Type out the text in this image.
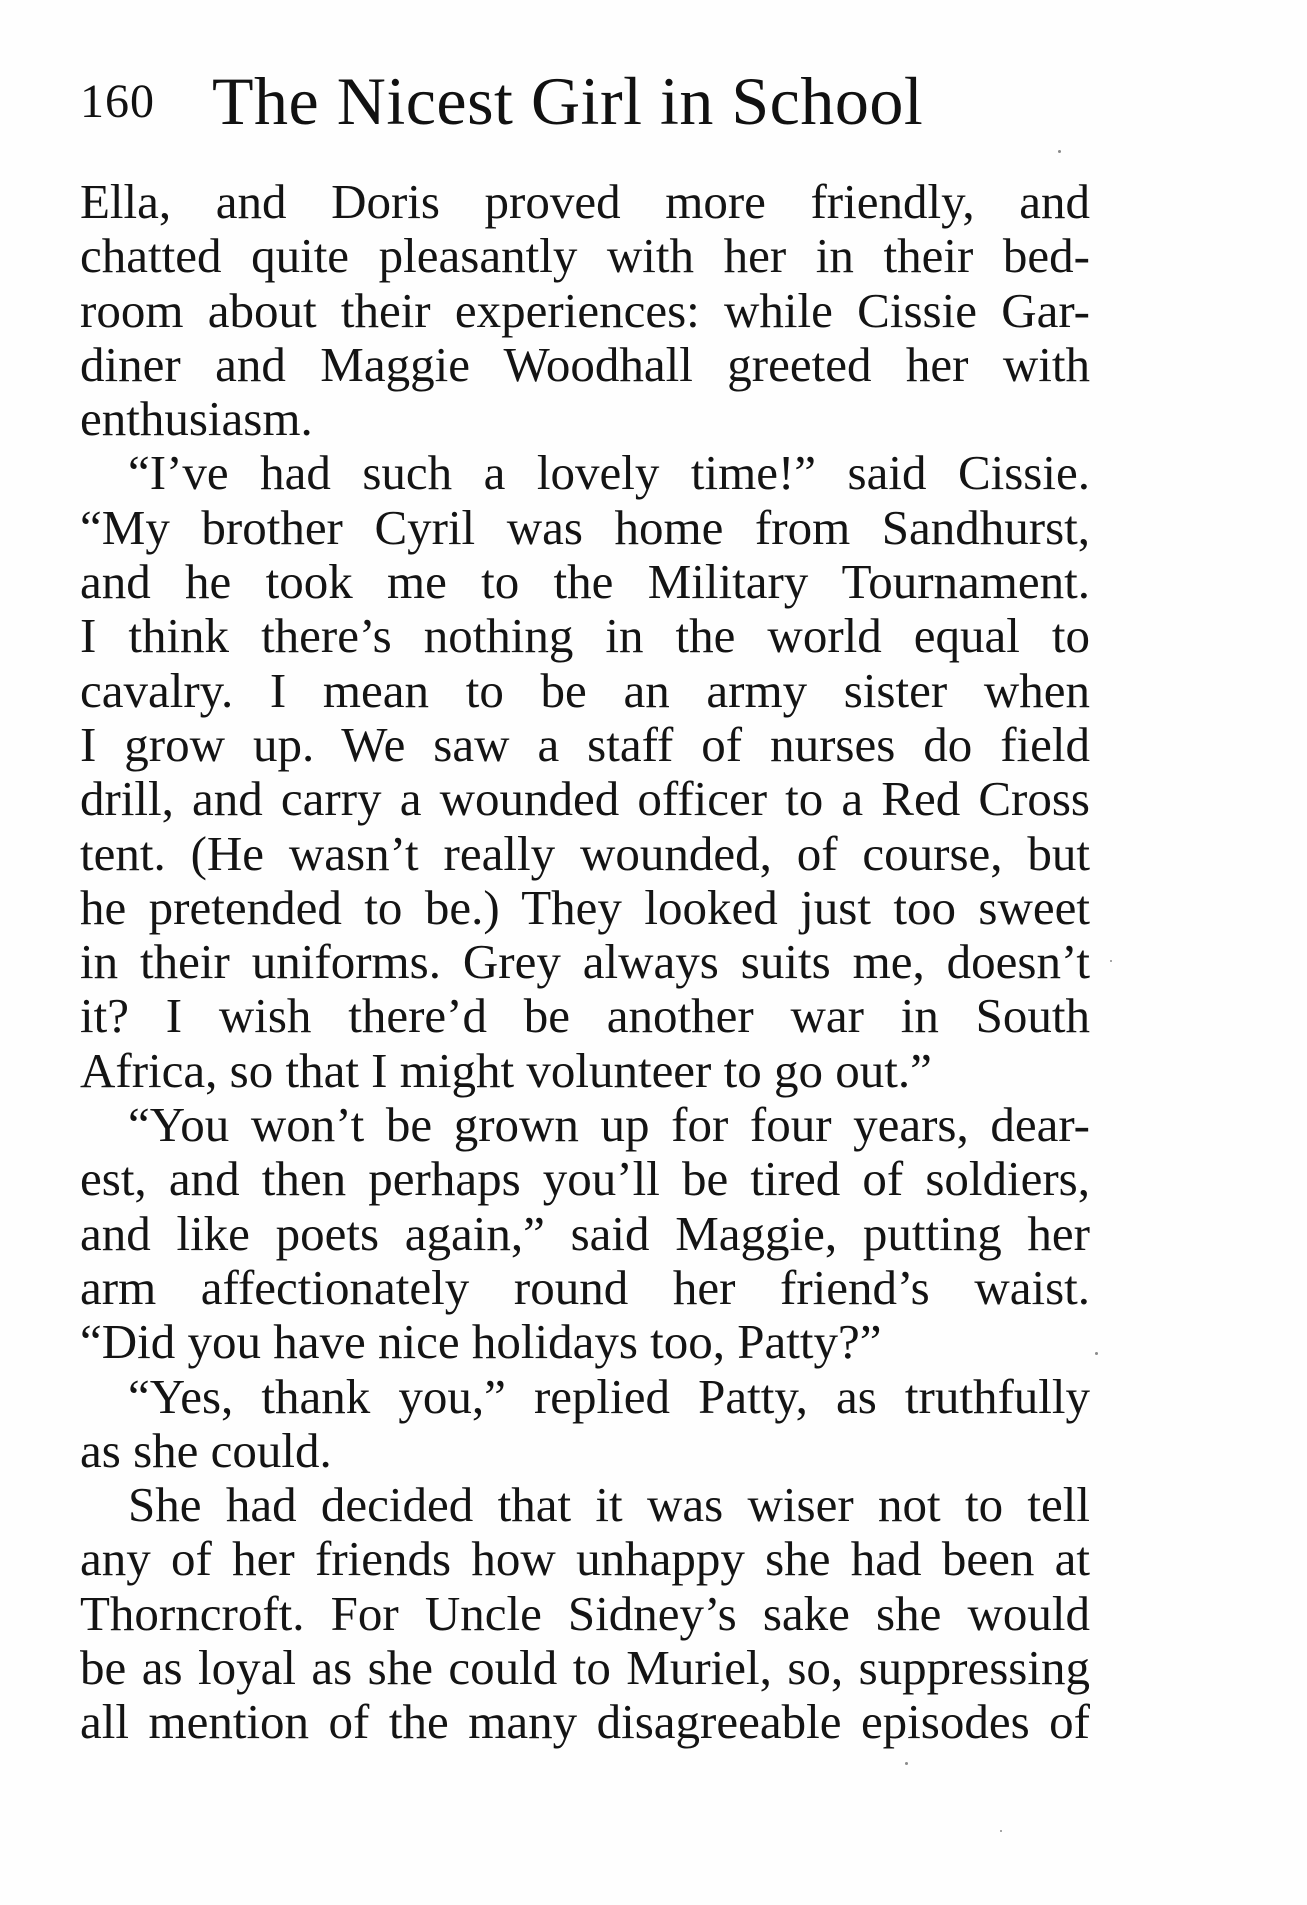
160 The Nicest Girl in School
Ella, and Doris proved more friendly, and
chatted quite pleasantly with her in their bed-
room about their experiences: while Cissie Gar-
diner and Maggie Woodhall greeted her with
enthusiasm.
“I’ve had such a lovely time!” said Cissie.
“My brother Cyril was home from Sandhurst,
and he took me to the Military Tournament.
I think there’s nothing in the world equal to
cavalry. I mean to be an army sister when
I grow up. We saw a staff of nurses do field
drill, and carry a wounded officer to a Red Cross
tent. (He wasn’t really wounded, of course, but
he pretended to be.) They looked just too sweet
in their uniforms. Grey always suits me, doesn’t
it? I wish there’d be another war in South
Africa, so that I might volunteer to go out.”
“You won’t be grown up for four years, dear-
est, and then perhaps you’ll be tired of soldiers,
and like poets again,” said Maggie, putting her
arm affectionately round her friend’s waist.
“Did you have nice holidays too, Patty?”
“Yes, thank you,” replied Patty, as truthfully
as she could.
She had decided that it was wiser not to tell
any of her friends how unhappy she had been at
Thorncroft. For Uncle Sidney’s sake she would
be as loyal as she could to Muriel, so, suppressing
all mention of the many disagreeable episodes of
